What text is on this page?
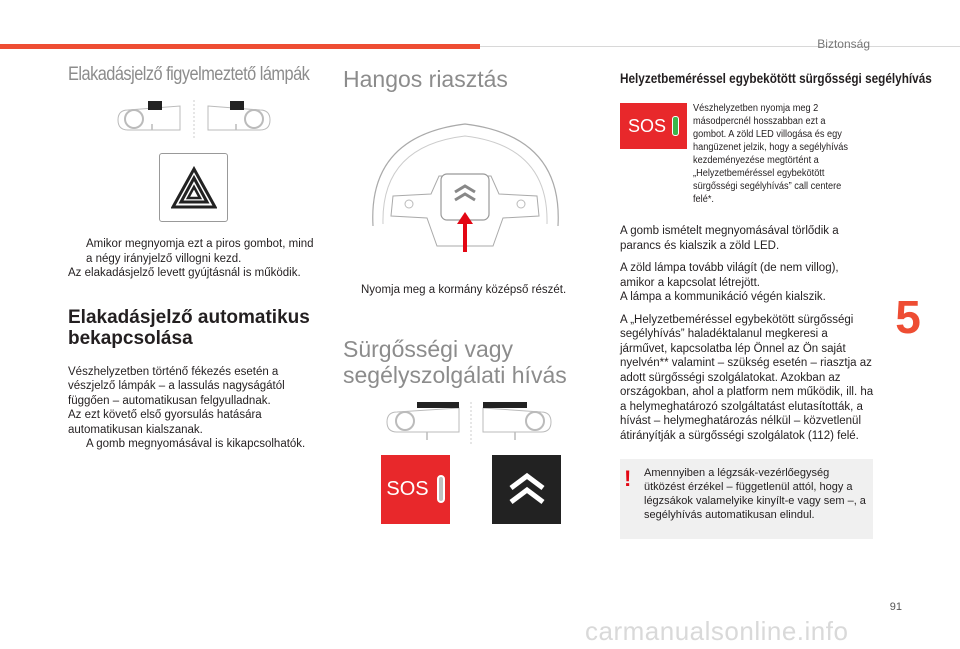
Biztonság
5
91
carmanualsonline.info
Elakadásjelző figyelmeztető lámpák

Amikor megnyomja ezt a piros gombot, mind a négy irányjelző villogni kezd.

Az elakadásjelző levett gyújtásnál is működik.

Elakadásjelző automatikus bekapcsolása

Vészhelyzetben történő fékezés esetén a vészjelző lámpák – a lassulás nagyságától függően – automatikusan felgyulladnak.

Az ezt követő első gyorsulás hatására automatikusan kialszanak.

A gomb megnyomásával is kikapcsolhatók.

Hangos riasztás

Nyomja meg a kormány középső részét.

Sürgősségi vagy segélyszolgálati hívás
SOS
Helyzetbeméréssel egybekötött sürgősségi segélyhívás
SOS
Vészhelyzetben nyomja meg 2 másodpercnél hosszabban ezt a gombot. A zöld LED villogása és egy hangüzenet jelzik, hogy a segélyhívás kezdeményezése megtörtént a „Helyzetbeméréssel egybekötött sürgősségi segélyhívás” call centere felé*.

A gomb ismételt megnyomásával törlődik a parancs és kialszik a zöld LED.

A zöld lámpa tovább világít (de nem villog), amikor a kapcsolat létrejött.

A lámpa a kommunikáció végén kialszik.

A „Helyzetbeméréssel egybekötött sürgősségi segélyhívás” haladéktalanul megkeresi a járművet, kapcsolatba lép Önnel az Ön saját nyelvén** valamint – szükség esetén – riasztja az adott sürgősségi szolgálatokat. Azokban az országokban, ahol a platform nem működik, ill. ha a helymeghatározó szolgáltatást elutasították, a hívást – helymeghatározás nélkül – közvetlenül átirányítják a sürgősségi szolgálatok (112) felé.

!	Amennyiben a légzsák-vezérlőegység ütközést érzékel – függetlenül attól, hogy a légzsákok valamelyike kinyílt-e vagy sem –, a segélyhívás automatikusan elindul.
